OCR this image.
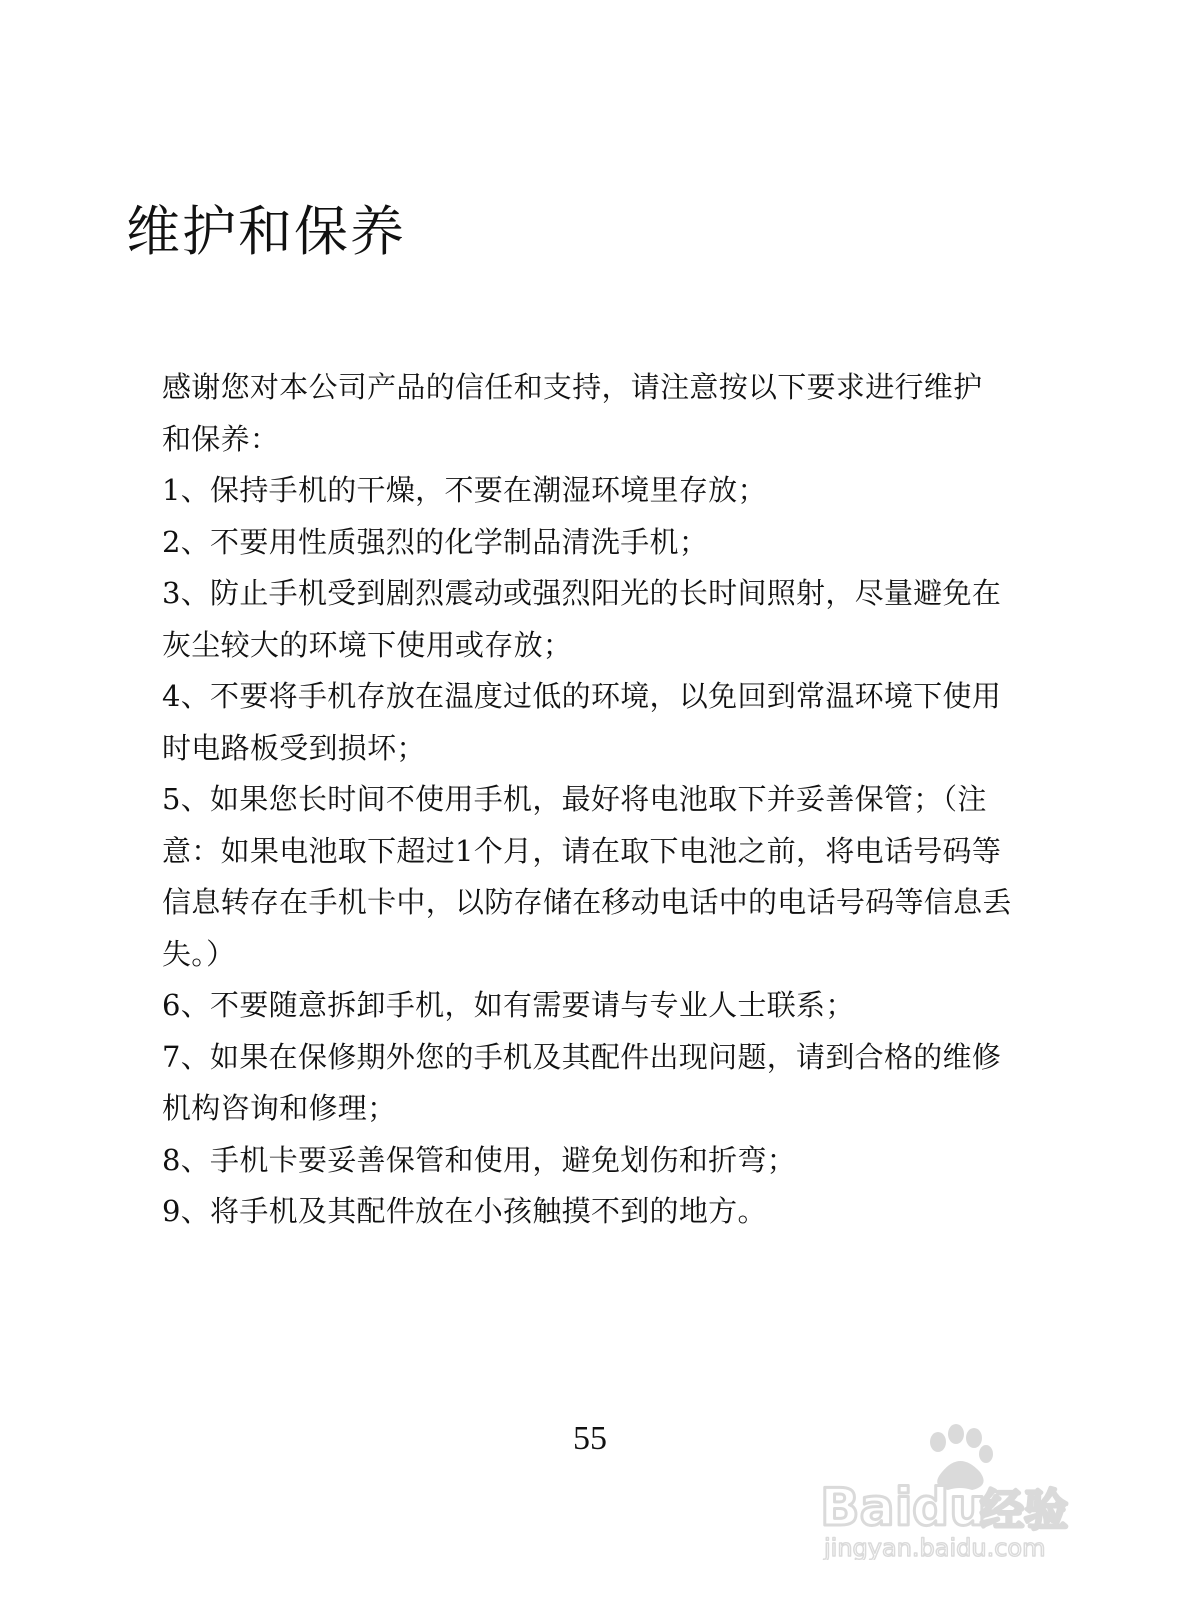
维护和保养
感谢您对本公司产品的信任和支持，请注意按以下要求进行维护
和保养：
1、保持手机的干燥，不要在潮湿环境里存放；
2、不要用性质强烈的化学制品清洗手机；
3、防止手机受到剧烈震动或强烈阳光的长时间照射，尽量避免在
灰尘较大的环境下使用或存放；
4、不要将手机存放在温度过低的环境，以免回到常温环境下使用
时电路板受到损坏；
5、如果您长时间不使用手机，最好将电池取下并妥善保管；（注
意：如果电池取下超过1个月，请在取下电池之前，将电话号码等
信息转存在手机卡中，以防存储在移动电话中的电话号码等信息丢
失。）
6、不要随意拆卸手机，如有需要请与专业人士联系；
7、如果在保修期外您的手机及其配件出现问题，请到合格的维修
机构咨询和修理；
8、手机卡要妥善保管和使用，避免划伤和折弯；
9、将手机及其配件放在小孩触摸不到的地方。
55
Bai du
经验
jingyan.baidu.com
